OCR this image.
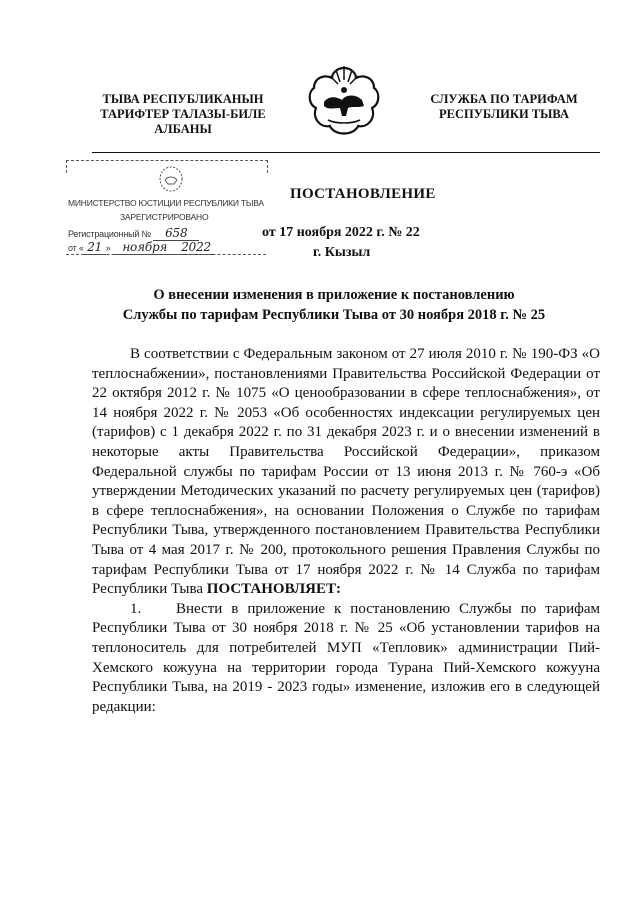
ТЫВА РЕСПУБЛИКАНЫН
ТАРИФТЕР ТАЛАЗЫ-БИЛЕ
АЛБАНЫ
СЛУЖБА ПО ТАРИФАМ
РЕСПУБЛИКИ ТЫВА
МИНИСТЕРСТВО ЮСТИЦИИ РЕСПУБЛИКИ ТЫВА
ЗАРЕГИСТРИРОВАНО
Регистрационный № 658
от « 21 » ноября 2022
ПОСТАНОВЛЕНИЕ
от 17 ноября 2022 г. № 22
г. Кызыл
О внесении изменения в приложение к постановлению
Службы по тарифам Республики Тыва от 30 ноября 2018 г. № 25

В соответствии с Федеральным законом от 27 июля 2010 г. № 190-ФЗ «О теплоснабжении», постановлениями Правительства Российской Федерации от 22 октября 2012 г. № 1075 «О ценообразовании в сфере теплоснабжения», от 14 ноября 2022 г. № 2053 «Об особенностях индексации регулируемых цен (тарифов) с 1 декабря 2022 г. по 31 декабря 2023 г. и о внесении изменений в некоторые акты Правительства Российской Федерации», приказом Федеральной службы по тарифам России от 13 июня 2013 г. № 760-э «Об утверждении Методических указаний по расчету регулируемых цен (тарифов) в сфере теплоснабжения», на основании Положения о Службе по тарифам Республики Тыва, утвержденного постановлением Правительства Республики Тыва от 4 мая 2017 г. № 200, протокольного решения Правления Службы по тарифам Республики Тыва от 17 ноября 2022 г. № 14 Служба по тарифам Республики Тыва ПОСТАНОВЛЯЕТ:

1. Внести в приложение к постановлению Службы по тарифам Республики Тыва от 30 ноября 2018 г. № 25 «Об установлении тарифов на теплоноситель для потребителей МУП «Тепловик» администрации Пий-Хемского кожууна на территории города Турана Пий-Хемского кожууна Республики Тыва, на 2019 - 2023 годы» изменение, изложив его в следующей редакции:
